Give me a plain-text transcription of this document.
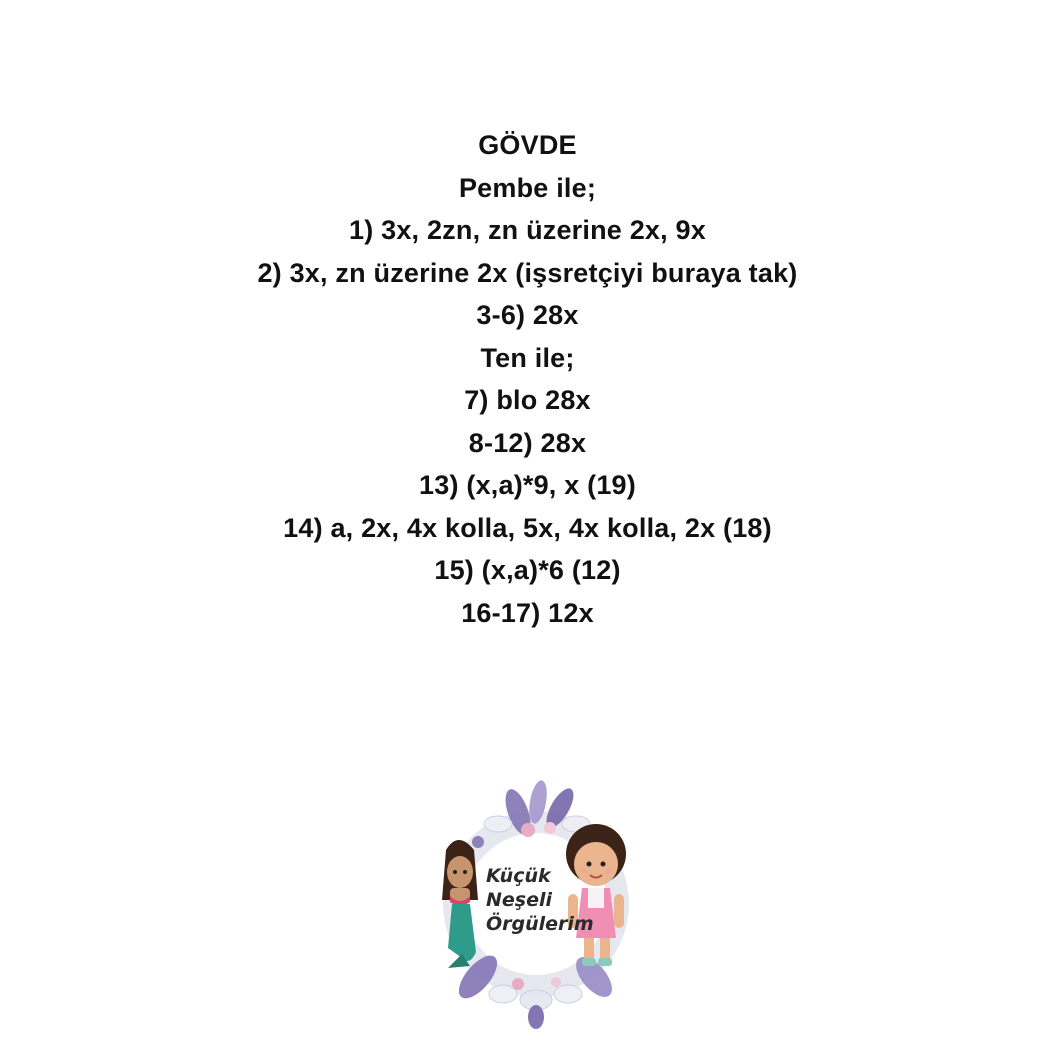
GÖVDE
Pembe ile;
1) 3x, 2zn, zn üzerine 2x, 9x
2) 3x, zn üzerine 2x (işsretçiyi buraya tak)
3-6) 28x
Ten ile;
7) blo 28x
8-12) 28x
13) (x,a)*9, x (19)
14) a, 2x, 4x kolla, 5x, 4x kolla, 2x (18)
15) (x,a)*6 (12)
16-17) 12x
Küçük
Neşeli
Örgülerim
